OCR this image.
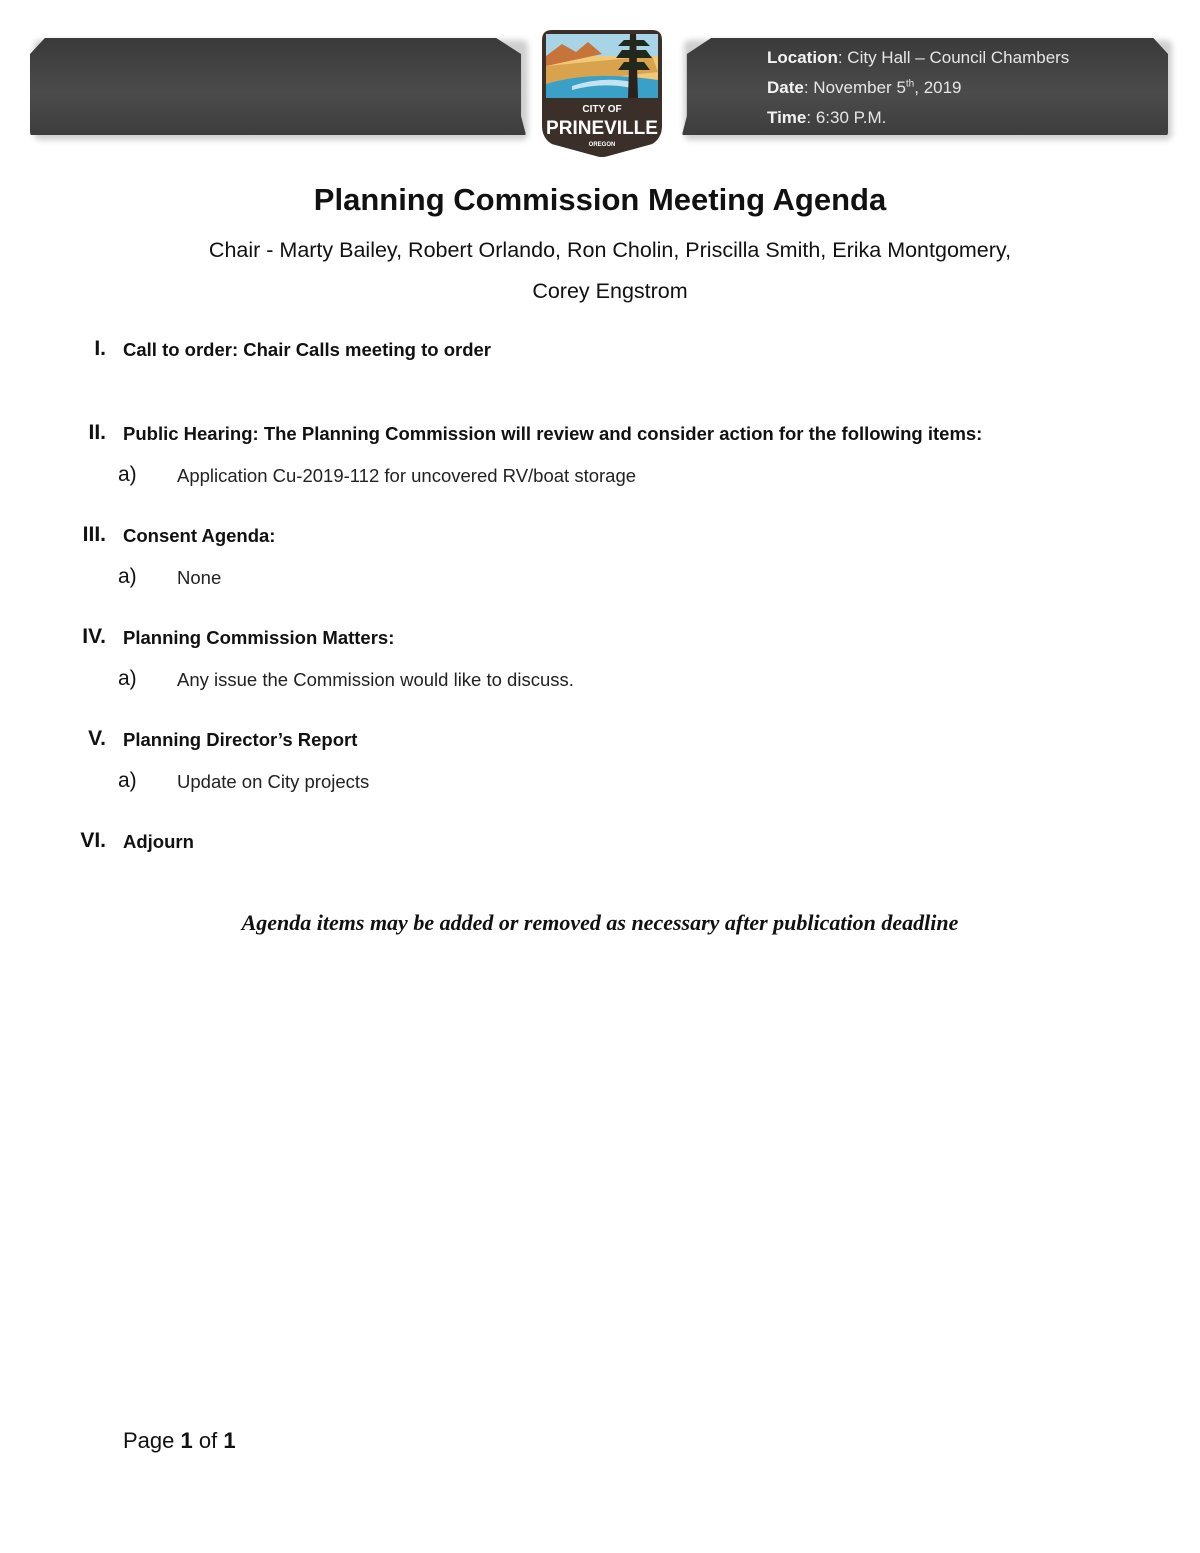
Location: City Hall – Council Chambers
Date: November 5th, 2019
Time: 6:30 P.M.
CITY OF
PRINEVILLE
OREGON
Planning Commission Meeting Agenda
Chair - Marty Bailey, Robert Orlando, Ron Cholin, Priscilla Smith, Erika Montgomery,
Corey Engstrom
I. Call to order: Chair Calls meeting to order
II. Public Hearing: The Planning Commission will review and consider action for the following items:
a) Application Cu-2019-112 for uncovered RV/boat storage
III. Consent Agenda:
a) None
IV. Planning Commission Matters:
a) Any issue the Commission would like to discuss.
V. Planning Director’s Report
a) Update on City projects
VI. Adjourn
Agenda items may be added or removed as necessary after publication deadline
Page 1 of 1
